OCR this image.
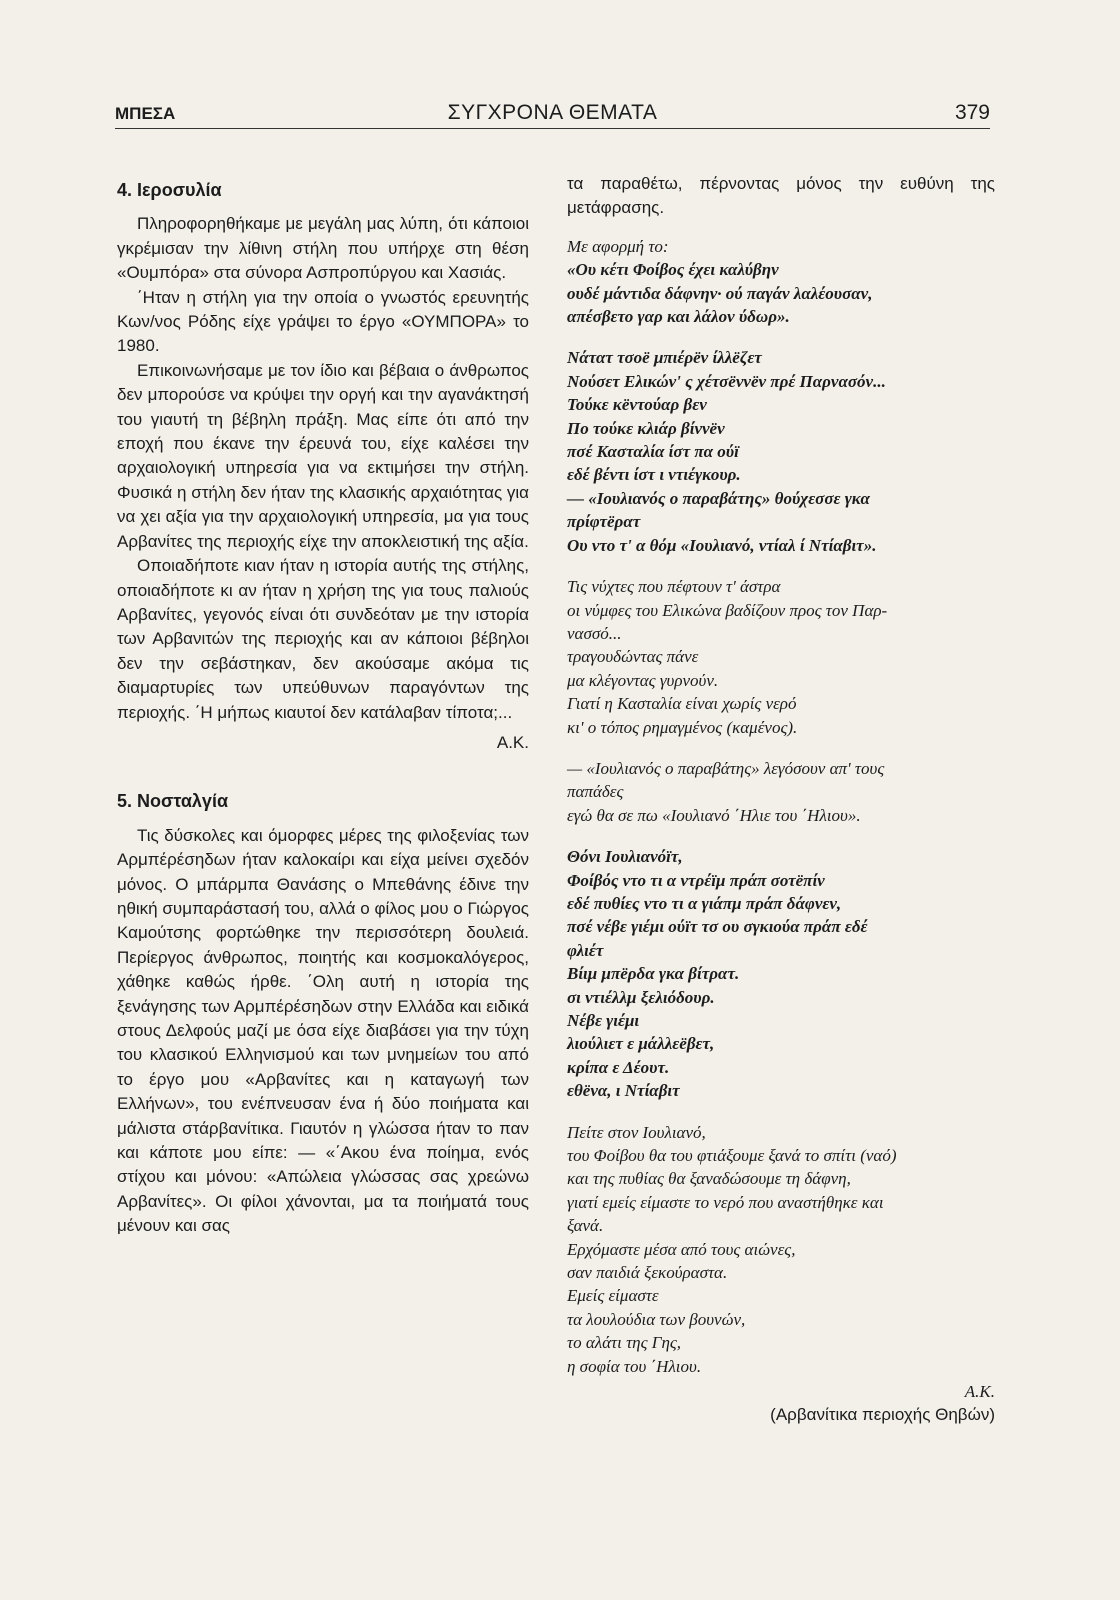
ΜΠΕΣΑ	ΣΥΓΧΡΟΝΑ ΘΕΜΑΤΑ	379
4. Ιεροσυλία

Πληροφορηθήκαμε με μεγάλη μας λύπη, ότι κάποιοι γκρέμισαν την λίθινη στήλη που υπήρχε στη θέση «Ουμπόρα» στα σύνορα Ασπροπύργου και Χασιάς.

΄Ηταν η στήλη για την οποία ο γνωστός ερευνητής Κων/νος Ρόδης είχε γράψει το έργο «ΟΥΜΠΟΡΑ» το 1980.

Επικοινωνήσαμε με τον ίδιο και βέβαια ο άνθρωπος δεν μπορούσε να κρύψει την οργή και την αγανάκτησή του γιαυτή τη βέβηλη πράξη. Μας είπε ότι από την εποχή που έκανε την έρευνά του, είχε καλέσει την αρχαιολογική υπηρεσία για να εκτιμήσει την στήλη. Φυσικά η στήλη δεν ήταν της κλασικής αρχαιότητας για να χει αξία για την αρχαιολογική υπηρεσία, μα για τους Αρβανίτες της περιοχής είχε την αποκλειστική της αξία.

Οποιαδήποτε κιαν ήταν η ιστορία αυτής της στήλης, οποιαδήποτε κι αν ήταν η χρήση της για τους παλιούς Αρβανίτες, γεγονός είναι ότι συνδεόταν με την ιστορία των Αρβανιτών της περιοχής και αν κάποιοι βέβηλοι δεν την σεβάστηκαν, δεν ακούσαμε ακόμα τις διαμαρτυρίες των υπεύθυνων παραγόντων της περιοχής. ΄Η μήπως κιαυτοί δεν κατάλαβαν τίποτα;...

Α.Κ.
5. Νοσταλγία

Τις δύσκολες και όμορφες μέρες της φιλοξενίας των Αρμπέρέσηδων ήταν καλοκαίρι και είχα μείνει σχεδόν μόνος. Ο μπάρμπα Θανάσης ο Μπεθάνης έδινε την ηθική συμπαράστασή του, αλλά ο φίλος μου ο Γιώργος Καμούτσης φορτώθηκε την περισσότερη δουλειά. Περίεργος άνθρωπος, ποιητής και κοσμοκαλόγερος, χάθηκε καθώς ήρθε. ΄Ολη αυτή η ιστορία της ξενάγησης των Αρμπέρέσηδων στην Ελλάδα και ειδικά στους Δελφούς μαζί με όσα είχε διαβάσει για την τύχη του κλασικού Ελληνισμού και των μνημείων του από το έργο μου «Αρβανίτες και η καταγωγή των Ελλήνων», του ενέπνευσαν ένα ή δύο ποιήματα και μάλιστα στάρβανίτικα. Γιαυτόν η γλώσσα ήταν το παν και κάποτε μου είπε: — «΄Ακου ένα ποίημα, ενός στίχου και μόνου: «Απώλεια γλώσσας σας χρεώνω Αρβανίτες». Οι φίλοι χάνονται, μα τα ποιήματά τους μένουν και σας

τα παραθέτω, πέρνοντας μόνος την ευθύνη της μετάφρασης.

Με αφορμή το:
«Ου κέτι Φοίβος έχει καλύβην
ουδέ μάντιδα δάφνην· ού παγάν λαλέουσαν,
απέσβετο γαρ και λάλον ύδωρ».
Νάτατ τσοё μπιέρёν ίλλёζετ
Νούσετ Ελικών' ς χέτσёννёν πρέ Παρνασόν...
Τούκε κёντούαρ βεν
Πο τούκε κλιάρ βίννёν
πσέ Κασταλία ίστ πα ούϊ
εδέ βέντι ίστ ι ντιέγκουρ.
— «Ιουλιανός ο παραβάτης» θούχεσσε γκα
πρίφτёρατ
Ου ντο τ' α θόμ «Ιουλιανό, ντίαλ ί Ντίαβιτ».
Τις νύχτες που πέφτουν τ' άστρα
οι νύμφες του Ελικώνα βαδίζουν προς τον Παρ-
νασσό...
τραγουδώντας πάνε
μα κλέγοντας γυρνούν.
Γιατί η Κασταλία είναι χωρίς νερό
κι' ο τόπος ρημαγμένος (καμένος).
— «Ιουλιανός ο παραβάτης» λεγόσουν απ' τους
παπάδες
εγώ θα σε πω «Ιουλιανό ΄Ηλιε του ΄Ηλιου».
Θόνι Ιουλιανόϊτ,
Φοίβός ντο τι α ντρέϊμ πράπ σοτёπίν
εδέ πυθίες ντο τι α γιάπμ πράπ δάφνεν,
πσέ νέβε γιέμι ούϊτ τσ ου σγκιούα πράπ εδέ
φλιέτ
Βίιμ μπёρδα γκα βίτρατ.
σι ντιέλλμ ξελιόδουρ.
Νέβε γιέμι
λιούλιετ ε μάλλεёβετ,
κρίπα ε Δέουτ.
εθёνα, ι Ντίαβιτ
Πείτε στον Ιουλιανό,
του Φοίβου θα του φτιάξουμε ξανά το σπίτι (ναό)
και της πυθίας θα ξαναδώσουμε τη δάφνη,
γιατί εμείς είμαστε το νερό που αναστήθηκε και
ξανά.
Ερχόμαστε μέσα από τους αιώνες,
σαν παιδιά ξεκούραστα.
Εμείς είμαστε
τα λουλούδια των βουνών,
το αλάτι της Γης,
η σοφία του ΄Ηλιου.
Α.Κ.
(Αρβανίτικα περιοχής Θηβών)
